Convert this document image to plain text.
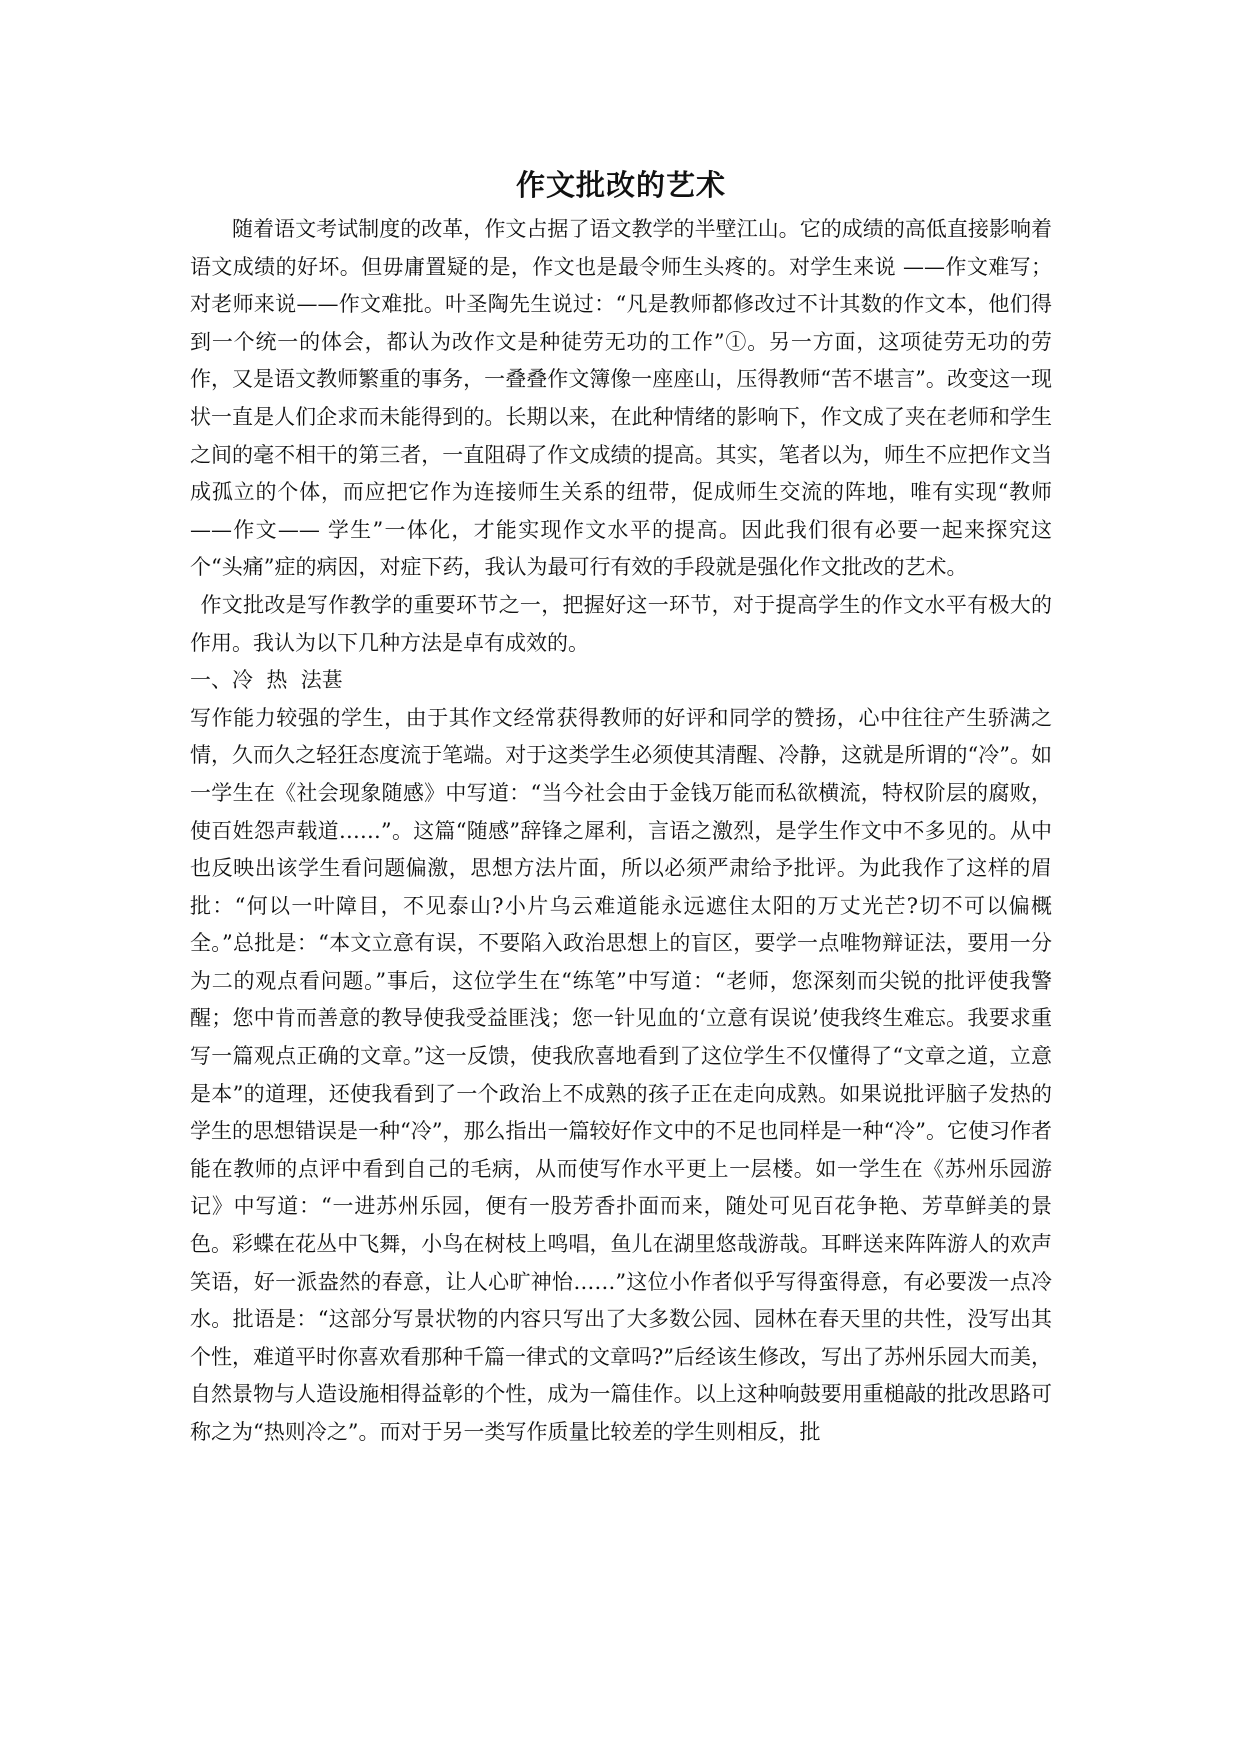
作文批改的艺术

随着语文考试制度的改革，作文占据了语文教学的半壁江山。它的成绩的高低直接影响着语文成绩的好坏。但毋庸置疑的是，作文也是最令师生头疼的。对学生来说 ——作文难写；对老师来说——作文难批。叶圣陶先生说过：“凡是教师都修改过不计其数的作文本，他们得到一个统一的体会，都认为改作文是种徒劳无功的工作”①。另一方面，这项徒劳无功的劳作，又是语文教师繁重的事务，一叠叠作文簿像一座座山，压得教师“苦不堪言”。改变这一现状一直是人们企求而未能得到的。长期以来，在此种情绪的影响下，作文成了夹在老师和学生之间的毫不相干的第三者，一直阻碍了作文成绩的提高。其实，笔者以为，师生不应把作文当成孤立的个体，而应把它作为连接师生关系的纽带，促成师生交流的阵地，唯有实现“教师——作文—— 学生”一体化，才能实现作文水平的提高。因此我们很有必要一起来探究这个“头痛”症的病因，对症下药，我认为最可行有效的手段就是强化作文批改的艺术。

作文批改是写作教学的重要环节之一，把握好这一环节，对于提高学生的作文水平有极大的作用。我认为以下几种方法是卓有成效的。

一、冷  热  法葚

写作能力较强的学生，由于其作文经常获得教师的好评和同学的赞扬，心中往往产生骄满之情，久而久之轻狂态度流于笔端。对于这类学生必须使其清醒、冷静，这就是所谓的“冷”。如一学生在《社会现象随感》中写道：“当今社会由于金钱万能而私欲横流，特权阶层的腐败，使百姓怨声载道……”。这篇“随感”辞锋之犀利，言语之激烈，是学生作文中不多见的。从中也反映出该学生看问题偏激，思想方法片面，所以必须严肃给予批评。为此我作了这样的眉批：“何以一叶障目，不见泰山?小片乌云难道能永远遮住太阳的万丈光芒?切不可以偏概全。”总批是：“本文立意有误，不要陷入政治思想上的盲区，要学一点唯物辩证法，要用一分为二的观点看问题。”事后，这位学生在“练笔”中写道：“老师，您深刻而尖锐的批评使我警醒；您中肯而善意的教导使我受益匪浅；您一针见血的‘立意有误说’使我终生难忘。我要求重写一篇观点正确的文章。”这一反馈，使我欣喜地看到了这位学生不仅懂得了“文章之道，立意是本”的道理，还使我看到了一个政治上不成熟的孩子正在走向成熟。如果说批评脑子发热的学生的思想错误是一种“冷”，那么指出一篇较好作文中的不足也同样是一种“冷”。它使习作者能在教师的点评中看到自己的毛病，从而使写作水平更上一层楼。如一学生在《苏州乐园游记》中写道：“一进苏州乐园，便有一股芳香扑面而来，随处可见百花争艳、芳草鲜美的景色。彩蝶在花丛中飞舞，小鸟在树枝上鸣唱，鱼儿在湖里悠哉游哉。耳畔送来阵阵游人的欢声笑语，好一派盎然的春意，让人心旷神怡……”这位小作者似乎写得蛮得意，有必要泼一点冷水。批语是：“这部分写景状物的内容只写出了大多数公园、园林在春天里的共性，没写出其个性，难道平时你喜欢看那种千篇一律式的文章吗?”后经该生修改，写出了苏州乐园大而美，自然景物与人造设施相得益彰的个性，成为一篇佳作。以上这种响鼓要用重槌敲的批改思路可称之为“热则冷之”。而对于另一类写作质量比较差的学生则相反，批
